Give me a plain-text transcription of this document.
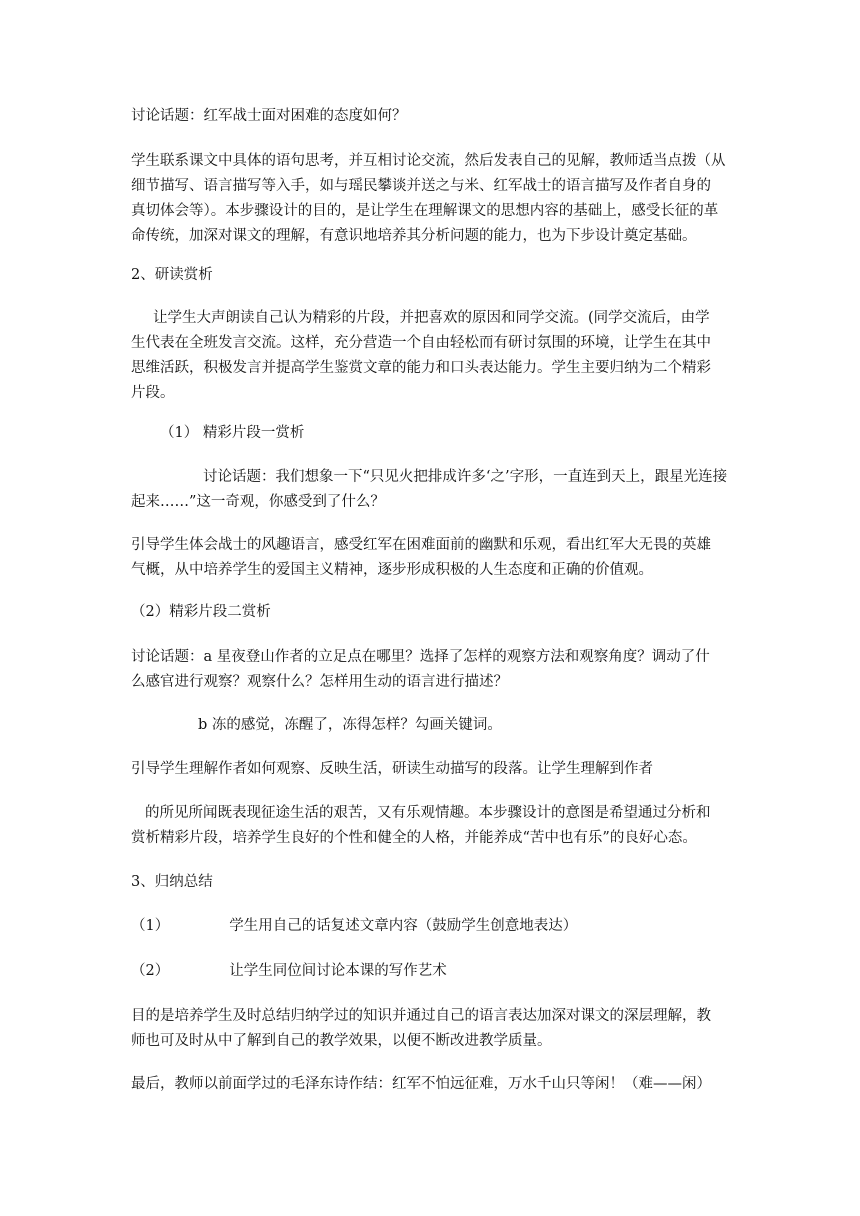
讨论话题：红军战士面对困难的态度如何？

学生联系课文中具体的语句思考，并互相讨论交流，然后发表自己的见解，教师适当点拨（从
细节描写、语言描写等入手，如与瑶民攀谈并送之与米、红军战士的语言描写及作者自身的
真切体会等）。本步骤设计的目的，是让学生在理解课文的思想内容的基础上，感受长征的革
命传统，加深对课文的理解，有意识地培养其分析问题的能力，也为下步设计奠定基础。

2、研读赏析

让学生大声朗读自己认为精彩的片段，并把喜欢的原因和同学交流。(同学交流后，由学
生代表在全班发言交流。这样，充分营造一个自由轻松而有研讨氛围的环境，让学生在其中
思维活跃，积极发言并提高学生鉴赏文章的能力和口头表达能力。学生主要归纳为二个精彩
片段。

（1） 精彩片段一赏析

讨论话题：我们想象一下“只见火把排成许多‘之’字形，一直连到天上，跟星光连接
起来……”这一奇观，你感受到了什么？

引导学生体会战士的风趣语言，感受红军在困难面前的幽默和乐观，看出红军大无畏的英雄
气概，从中培养学生的爱国主义精神，逐步形成积极的人生态度和正确的价值观。

（2）精彩片段二赏析

讨论话题：a 星夜登山作者的立足点在哪里？选择了怎样的观察方法和观察角度？调动了什
么感官进行观察？观察什么？怎样用生动的语言进行描述？

b 冻的感觉，冻醒了，冻得怎样？勾画关键词。

引导学生理解作者如何观察、反映生活，研读生动描写的段落。让学生理解到作者

的所见所闻既表现征途生活的艰苦，又有乐观情趣。本步骤设计的意图是希望通过分析和
赏析精彩片段，培养学生良好的个性和健全的人格，并能养成“苦中也有乐”的良好心态。

3、归纳总结

（1）	学生用自己的话复述文章内容（鼓励学生创意地表达）

（2）	让学生同位间讨论本课的写作艺术

目的是培养学生及时总结归纳学过的知识并通过自己的语言表达加深对课文的深层理解，教
师也可及时从中了解到自己的教学效果，以便不断改进教学质量。

最后，教师以前面学过的毛泽东诗作结：红军不怕远征难，万水千山只等闲！（难——闲）
